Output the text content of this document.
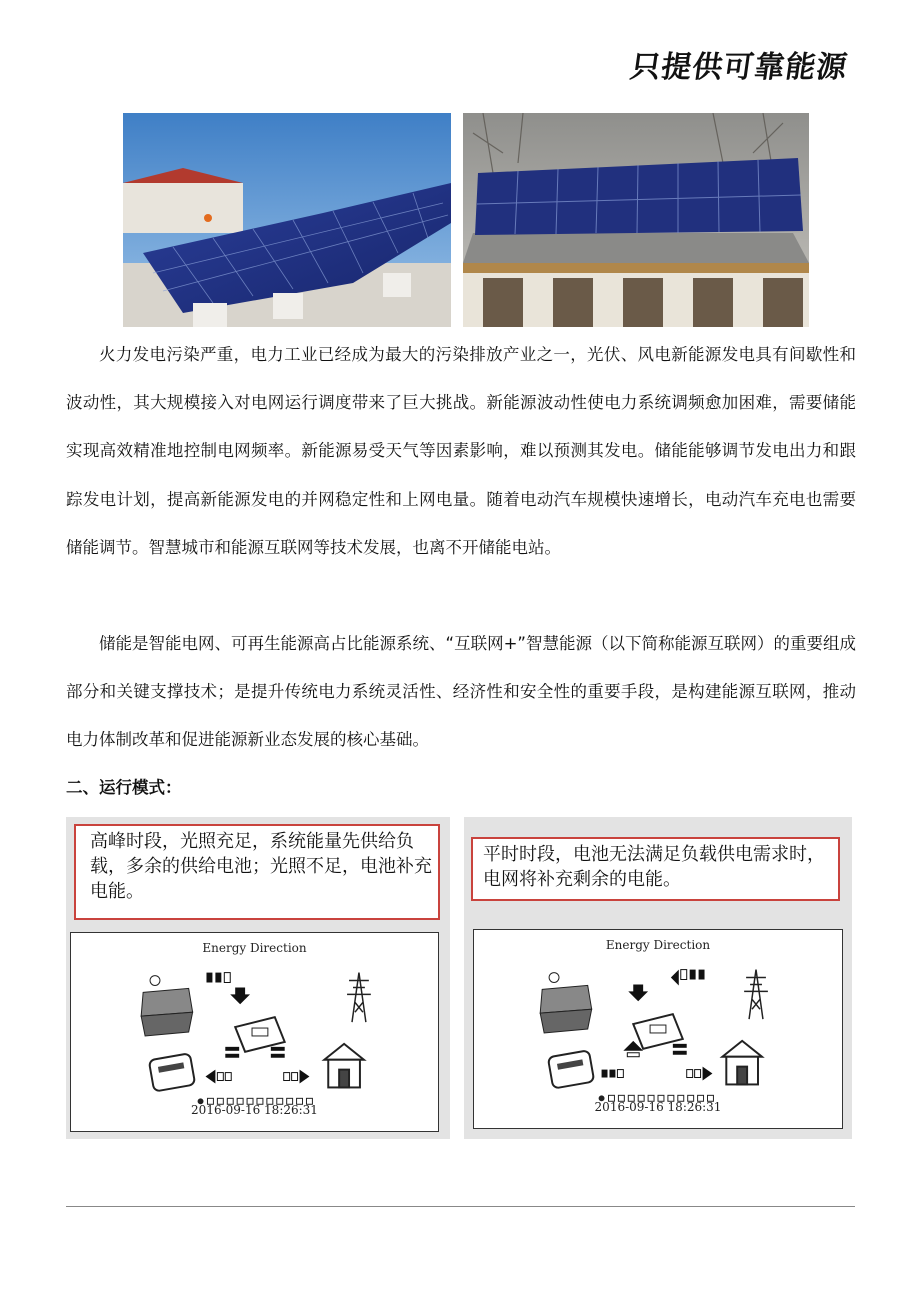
只提供可靠能源

火力发电污染严重，电力工业已经成为最大的污染排放产业之一，光伏、风电新能源发电具有间歇性和波动性，其大规模接入对电网运行调度带来了巨大挑战。新能源波动性使电力系统调频愈加困难，需要储能实现高效精准地控制电网频率。新能源易受天气等因素影响，难以预测其发电。储能能够调节发电出力和跟踪发电计划，提高新能源发电的并网稳定性和上网电量。随着电动汽车规模快速增长，电动汽车充电也需要储能调节。智慧城市和能源互联网等技术发展，也离不开储能电站。

储能是智能电网、可再生能源高占比能源系统、“互联网+”智慧能源（以下简称能源互联网）的重要组成部分和关键支撑技术；是提升传统电力系统灵活性、经济性和安全性的重要手段，是构建能源互联网，推动电力体制改革和促进能源新业态发展的核心基础。

二、运行模式：
高峰时段，光照充足，系统能量先供给负载，多余的供给电池；光照不足，电池补充电能。
Energy Direction
2016-09-16 18:26:31
平时时段，电池无法满足负载供电需求时，电网将补充剩余的电能。
Energy Direction
2016-09-16 18:26:31
